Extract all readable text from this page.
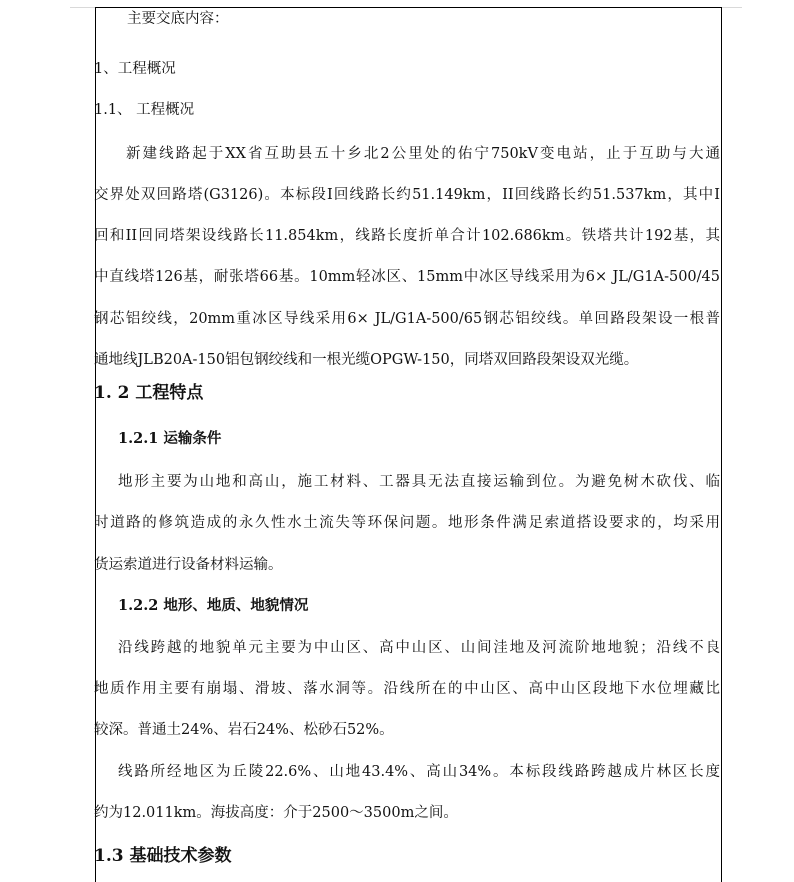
主要交底内容：
1、工程概况
1.1、 工程概况
新建线路起于XX省互助县五十乡北2公里处的佑宁750kV变电站，止于互助与大通
交界处双回路塔(G3126)。本标段I回线路长约51.149km，II回线路长约51.537km，其中I
回和II回同塔架设线路长11.854km，线路长度折单合计102.686km。铁塔共计192基，其
中直线塔126基，耐张塔66基。10mm轻冰区、15mm中冰区导线采用为6× JL/G1A-500/45
钢芯铝绞线，20mm重冰区导线采用6× JL/G1A-500/65钢芯铝绞线。单回路段架设一根普
通地线JLB20A-150铝包钢绞线和一根光缆OPGW-150，同塔双回路段架设双光缆。
1. 2 工程特点
1.2.1 运输条件
地形主要为山地和高山，施工材料、工器具无法直接运输到位。为避免树木砍伐、临
时道路的修筑造成的永久性水土流失等环保问题。地形条件满足索道搭设要求的，均采用
货运索道进行设备材料运输。
1.2.2 地形、地质、地貌情况
沿线跨越的地貌单元主要为中山区、高中山区、山间洼地及河流阶地地貌；沿线不良
地质作用主要有崩塌、滑坡、落水洞等。沿线所在的中山区、高中山区段地下水位埋藏比
较深。普通土24%、岩石24%、松砂石52%。
线路所经地区为丘陵22.6%、山地43.4%、高山34%。本标段线路跨越成片林区长度
约为12.011km。海拔高度：介于2500～3500m之间。
1.3 基础技术参数
